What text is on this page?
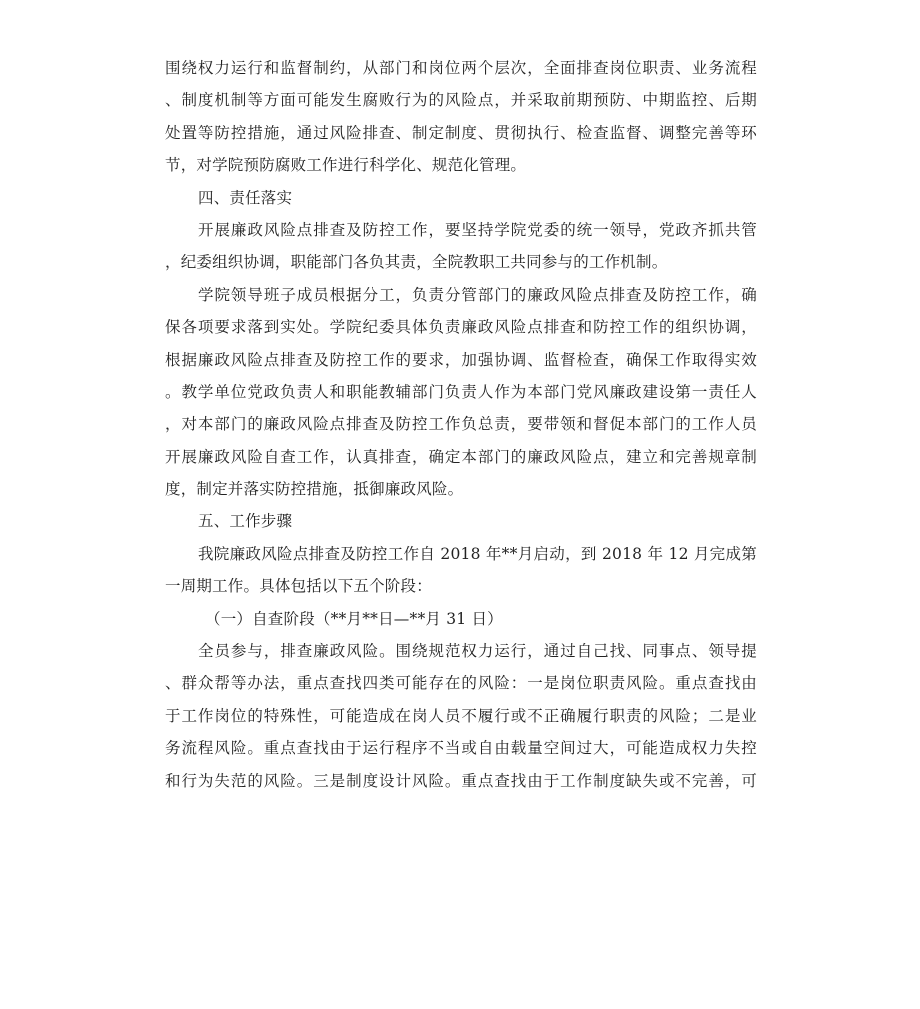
围绕权力运行和监督制约，从部门和岗位两个层次，全面排查岗位职责、业务流程
、制度机制等方面可能发生腐败行为的风险点，并采取前期预防、中期监控、后期
处置等防控措施，通过风险排查、制定制度、贯彻执行、检查监督、调整完善等环
节，对学院预防腐败工作进行科学化、规范化管理。
四、责任落实
开展廉政风险点排查及防控工作，要坚持学院党委的统一领导，党政齐抓共管
，纪委组织协调，职能部门各负其责，全院教职工共同参与的工作机制。
学院领导班子成员根据分工，负责分管部门的廉政风险点排查及防控工作，确
保各项要求落到实处。学院纪委具体负责廉政风险点排查和防控工作的组织协调，
根据廉政风险点排查及防控工作的要求，加强协调、监督检查，确保工作取得实效
。教学单位党政负责人和职能教辅部门负责人作为本部门党风廉政建设第一责任人
，对本部门的廉政风险点排查及防控工作负总责，要带领和督促本部门的工作人员
开展廉政风险自查工作，认真排查，确定本部门的廉政风险点，建立和完善规章制
度，制定并落实防控措施，抵御廉政风险。
五、工作步骤
我院廉政风险点排查及防控工作自 2018 年**月启动，到 2018 年 12 月完成第
一周期工作。具体包括以下五个阶段：
（一）自查阶段（**月**日—**月 31 日）
全员参与，排查廉政风险。围绕规范权力运行，通过自己找、同事点、领导提
、群众帮等办法，重点查找四类可能存在的风险：一是岗位职责风险。重点查找由
于工作岗位的特殊性，可能造成在岗人员不履行或不正确履行职责的风险；二是业
务流程风险。重点查找由于运行程序不当或自由载量空间过大，可能造成权力失控
和行为失范的风险。三是制度设计风险。重点查找由于工作制度缺失或不完善，可
